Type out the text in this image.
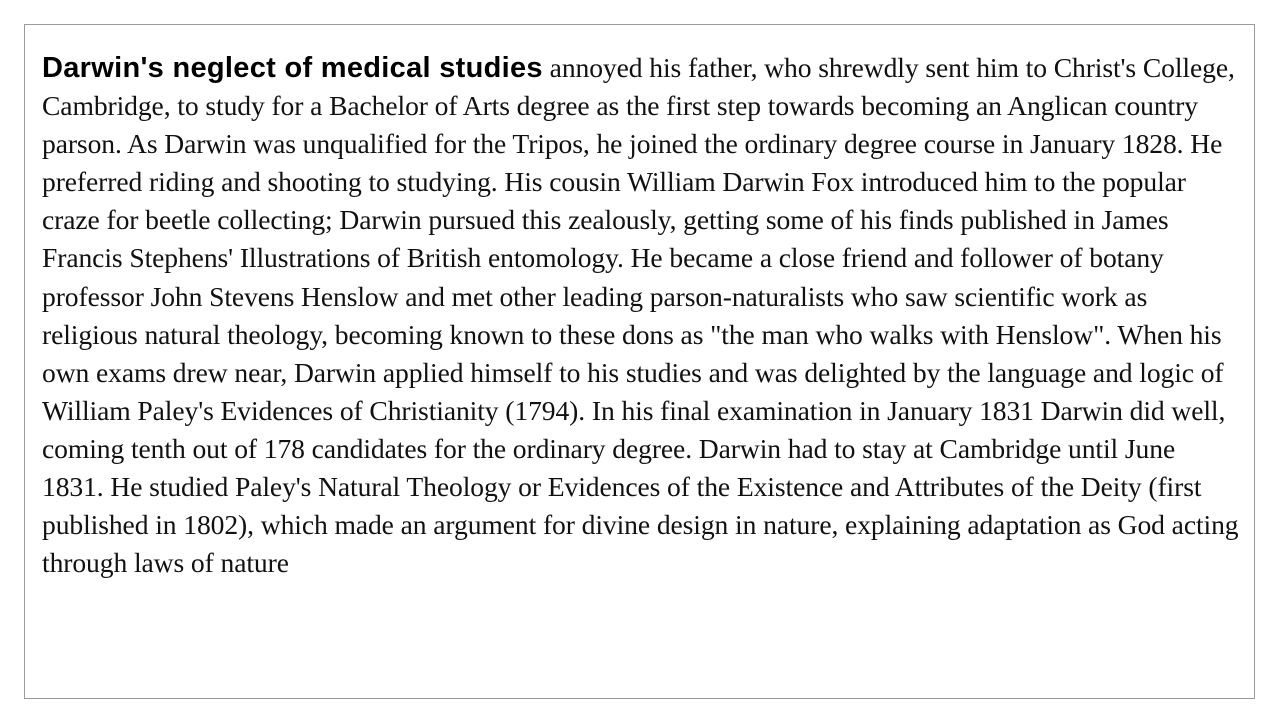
Darwin's neglect of medical studies annoyed his father, who shrewdly sent him to Christ's College, Cambridge, to study for a Bachelor of Arts degree as the first step towards becoming an Anglican country parson. As Darwin was unqualified for the Tripos, he joined the ordinary degree course in January 1828. He preferred riding and shooting to studying. His cousin William Darwin Fox introduced him to the popular craze for beetle collecting; Darwin pursued this zealously, getting some of his finds published in James Francis Stephens' Illustrations of British entomology. He became a close friend and follower of botany professor John Stevens Henslow and met other leading parson-naturalists who saw scientific work as religious natural theology, becoming known to these dons as "the man who walks with Henslow". When his own exams drew near, Darwin applied himself to his studies and was delighted by the language and logic of William Paley's Evidences of Christianity (1794). In his final examination in January 1831 Darwin did well, coming tenth out of 178 candidates for the ordinary degree. Darwin had to stay at Cambridge until June 1831. He studied Paley's Natural Theology or Evidences of the Existence and Attributes of the Deity (first published in 1802), which made an argument for divine design in nature, explaining adaptation as God acting through laws of nature
